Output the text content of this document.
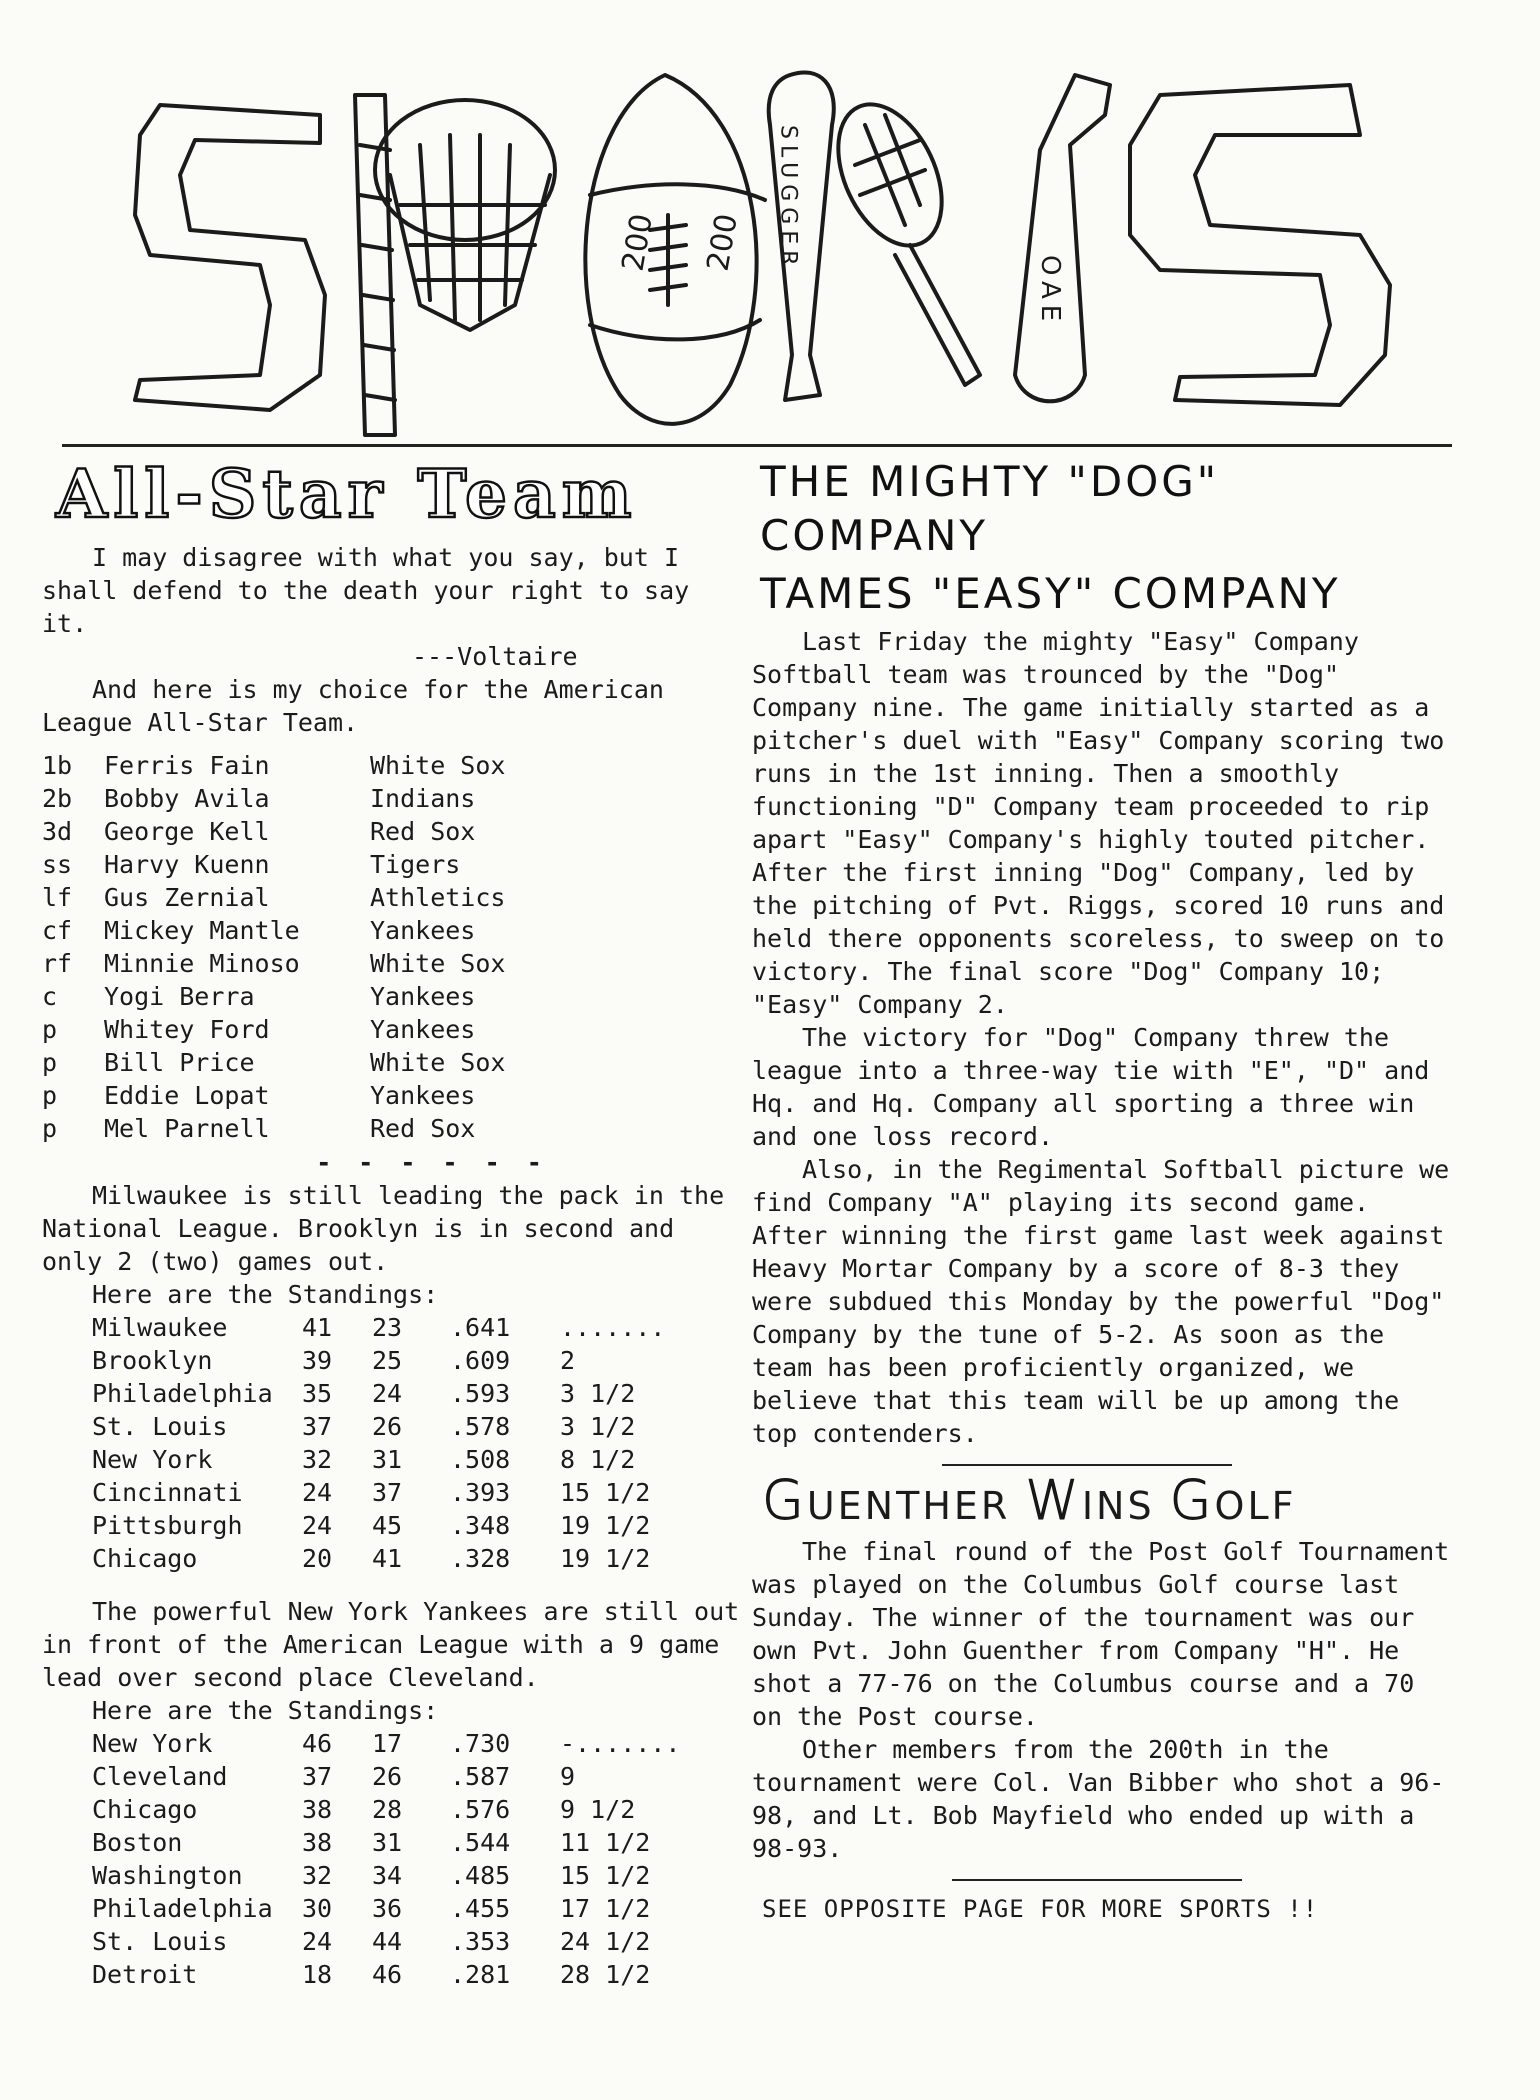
200 200 SLUGGER
OAE
All-Star Team

I may disagree with what you say, but I shall defend to the death your right to say it.

---Voltaire

And here is my choice for the American League All-Star Team.

1b	Ferris Fain	White Sox
2b	Bobby Avila	Indians
3d	George Kell	Red Sox
ss	Harvy Kuenn	Tigers
lf	Gus Zernial	Athletics
cf	Mickey Mantle	Yankees
rf	Minnie Minoso	White Sox
c	Yogi Berra	Yankees
p	Whitey Ford	Yankees
p	Bill Price	White Sox
p	Eddie Lopat	Yankees
p	Mel Parnell	Red Sox
- - - - - -

Milwaukee is still leading the pack in the National League. Brooklyn is in second and only 2 (two) games out.

Here are the Standings:

Milwaukee	41	23	.641	.......
Brooklyn	39	25	.609	2
Philadelphia	35	24	.593	3 1/2
St. Louis	37	26	.578	3 1/2
New York	32	31	.508	8 1/2
Cincinnati	24	37	.393	15 1/2
Pittsburgh	24	45	.348	19 1/2
Chicago	20	41	.328	19 1/2

The powerful New York Yankees are still out in front of the American League with a 9 game lead over second place Cleveland.

Here are the Standings:

New York	46	17	.730	-.......
Cleveland	37	26	.587	9
Chicago	38	28	.576	9 1/2
Boston	38	31	.544	11 1/2
Washington	32	34	.485	15 1/2
Philadelphia	30	36	.455	17 1/2
St. Louis	24	44	.353	24 1/2
Detroit	18	46	.281	28 1/2
THE MIGHTY "DOG" COMPANY
TAMES "EASY" COMPANY

Last Friday the mighty "Easy" Company Softball team was trounced by the "Dog" Company nine. The game initially started as a pitcher's duel with "Easy" Company scoring two runs in the 1st inning. Then a smoothly functioning "D" Company team proceeded to rip apart "Easy" Company's highly touted pitcher. After the first inning "Dog" Company, led by the pitching of Pvt. Riggs, scored 10 runs and held there opponents scoreless, to sweep on to victory. The final score "Dog" Company 10; "Easy" Company 2.

The victory for "Dog" Company threw the league into a three-way tie with "E", "D" and Hq. and Hq. Company all sporting a three win and one loss record.

Also, in the Regimental Softball picture we find Company "A" playing its second game. After winning the first game last week against Heavy Mortar Company by a score of 8-3 they were subdued this Monday by the powerful "Dog" Company by the tune of 5-2. As soon as the team has been proficiently organized, we believe that this team will be up among the top contenders.

GUENTHER WINS GOLF

The final round of the Post Golf Tournament was played on the Columbus Golf course last Sunday. The winner of the tournament was our own Pvt. John Guenther from Company "H". He shot a 77-76 on the Columbus course and a 70 on the Post course.

Other members from the 200th in the tournament were Col. Van Bibber who shot a 96-98, and Lt. Bob Mayfield who ended up with a 98-93.

SEE OPPOSITE PAGE FOR MORE SPORTS !!
